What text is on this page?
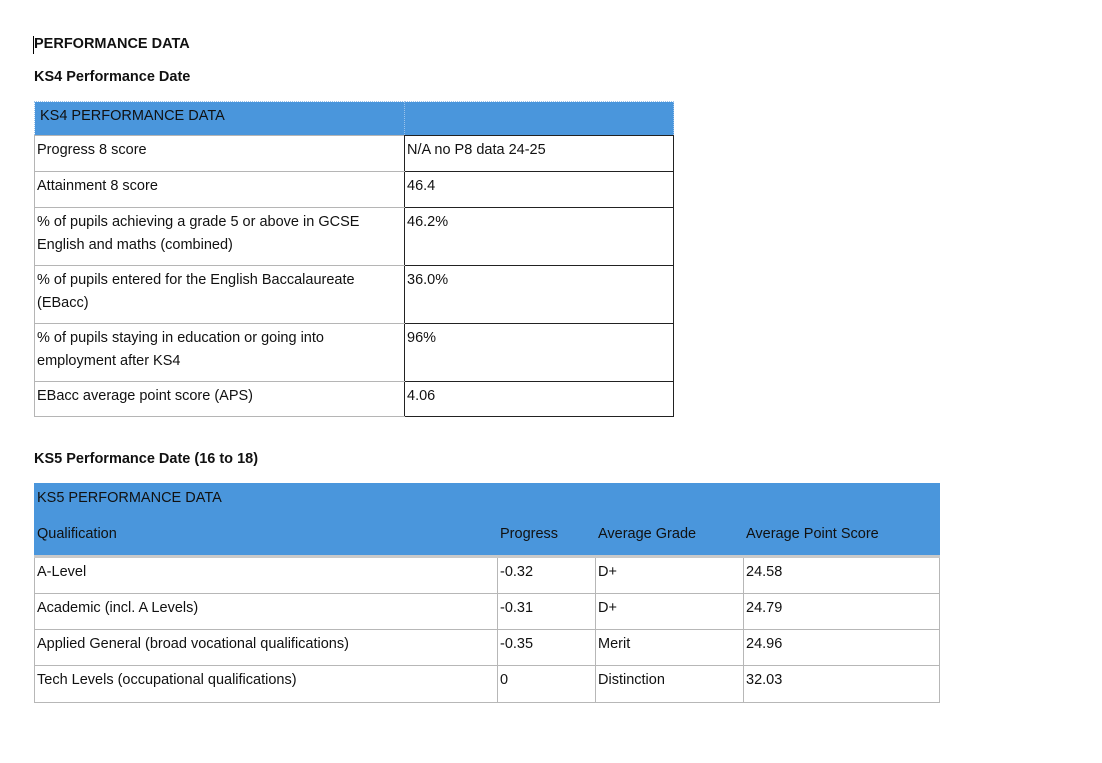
PERFORMANCE DATA
KS4 Performance Date
KS4 PERFORMANCE DATA	
Progress 8 score	N/A no P8 data 24-25
Attainment 8 score	46.4
% of pupils achieving a grade 5 or above in GCSE English and maths (combined)	46.2%
% of pupils entered for the English Baccalaureate (EBacc)	36.0%
% of pupils staying in education or going into employment after KS4	96%
EBacc average point score (APS)	4.06
KS5 Performance Date (16 to 18)
KS5 PERFORMANCE DATA			
Qualification	Progress	Average Grade	Average Point Score
A-Level	-0.32	D+	24.58
Academic (incl. A Levels)	-0.31	D+	24.79
Applied General (broad vocational qualifications)	-0.35	Merit	24.96
Tech Levels (occupational qualifications)	0	Distinction	32.03
